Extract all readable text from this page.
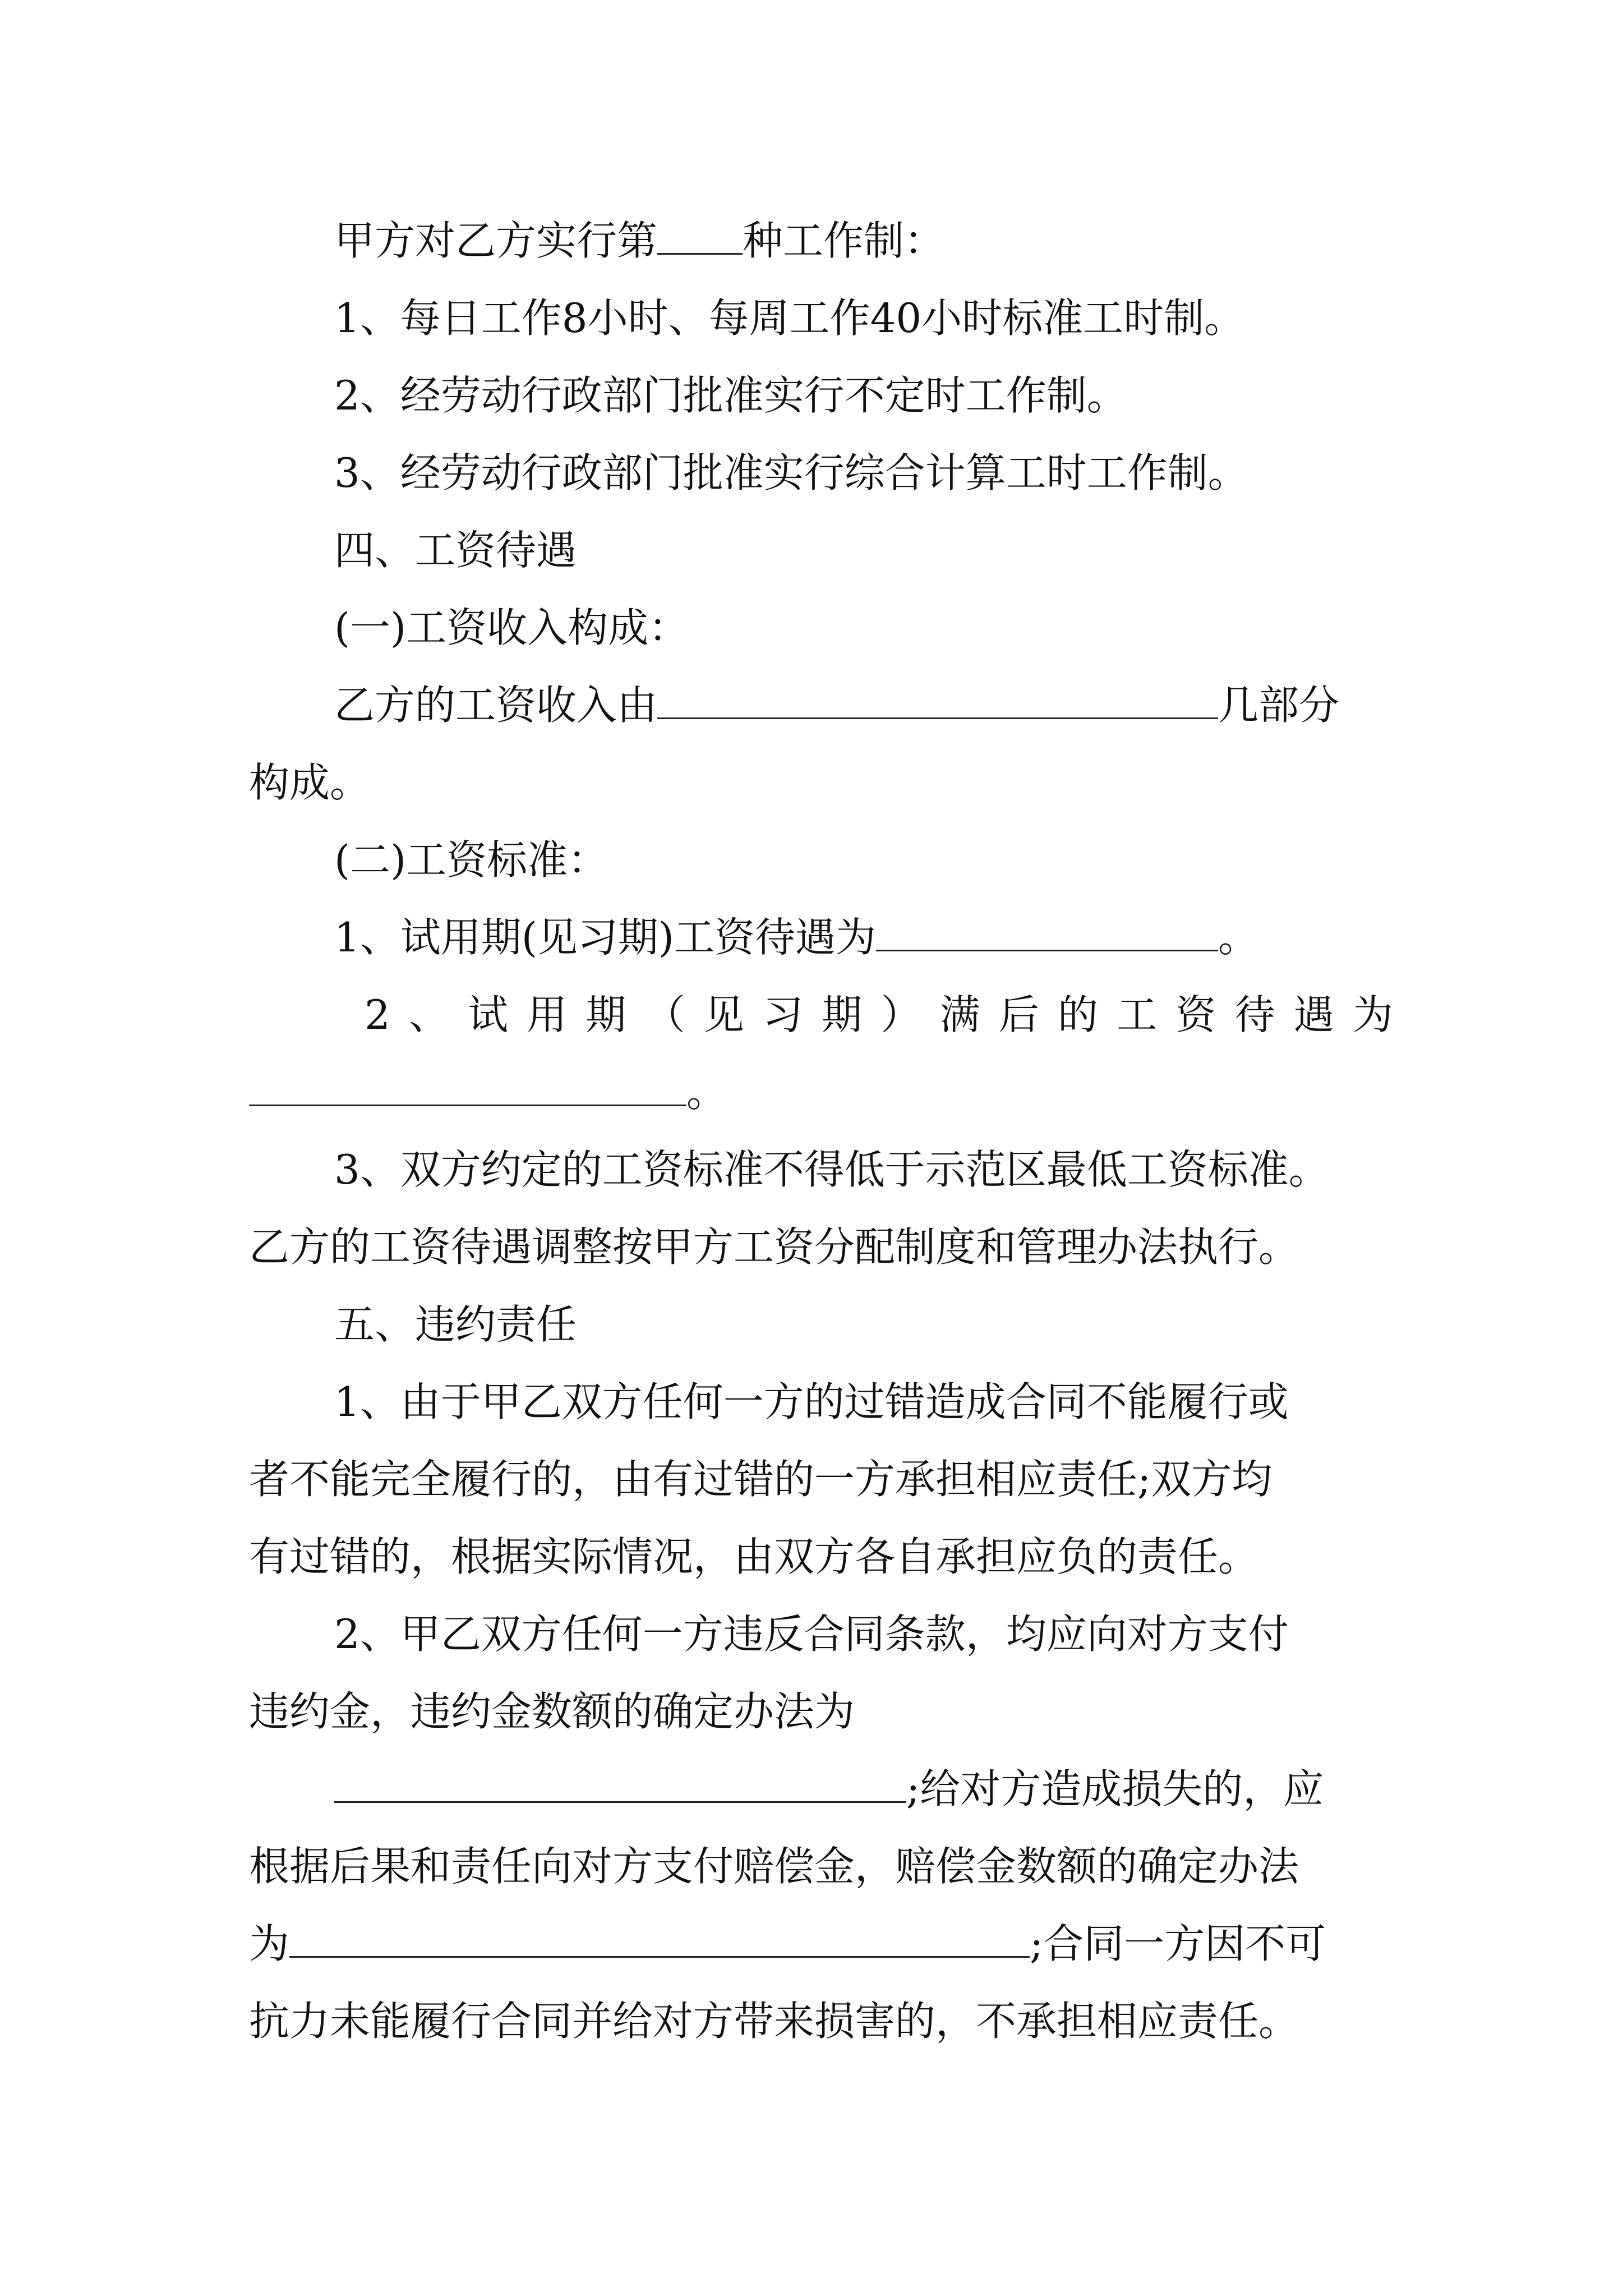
甲方对乙方实行第 种工作制：
1、每日工作8小时、每周工作40小时标准工时制。
2、经劳动行政部门批准实行不定时工作制。
3、经劳动行政部门批准实行综合计算工时工作制。
四、工资待遇
(一)工资收入构成：
乙方的工资收入由	几部分
构成。
(二)工资标准：
1、试用期(见习期)工资待遇为	。
2 、 试 用 期 （ 见 习 期 ） 满 后 的 工 资 待 遇 为
。
3、双方约定的工资标准不得低于示范区最低工资标准。
乙方的工资待遇调整按甲方工资分配制度和管理办法执行。
五、违约责任
1、由于甲乙双方任何一方的过错造成合同不能履行或
者不能完全履行的，由有过错的一方承担相应责任;双方均
有过错的，根据实际情况，由双方各自承担应负的责任。
2、甲乙双方任何一方违反合同条款，均应向对方支付
违约金，违约金数额的确定办法为
;给对方造成损失的，应
根据后果和责任向对方支付赔偿金，赔偿金数额的确定办法
为	;合同一方因不可
抗力未能履行合同并给对方带来损害的，不承担相应责任。
